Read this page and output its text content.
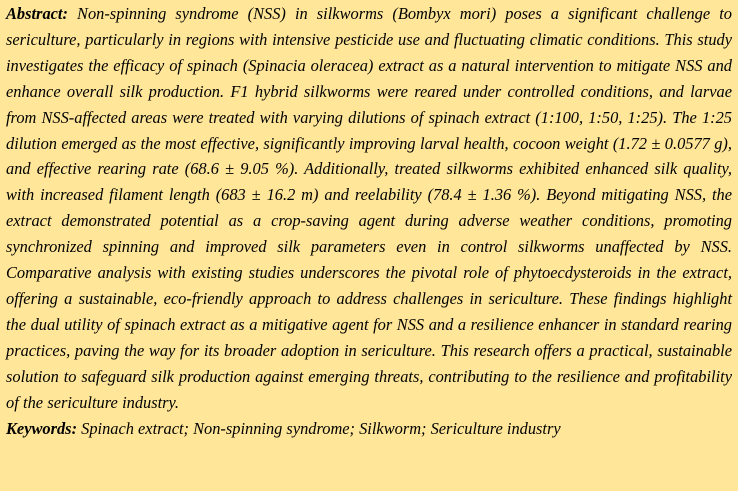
Abstract: Non-spinning syndrome (NSS) in silkworms (Bombyx mori) poses a significant challenge to sericulture, particularly in regions with intensive pesticide use and fluctuating climatic conditions. This study investigates the efficacy of spinach (Spinacia oleracea) extract as a natural intervention to mitigate NSS and enhance overall silk production. F1 hybrid silkworms were reared under controlled conditions, and larvae from NSS-affected areas were treated with varying dilutions of spinach extract (1:100, 1:50, 1:25). The 1:25 dilution emerged as the most effective, significantly improving larval health, cocoon weight (1.72 ± 0.0577 g), and effective rearing rate (68.6 ± 9.05 %). Additionally, treated silkworms exhibited enhanced silk quality, with increased filament length (683 ± 16.2 m) and reelability (78.4 ± 1.36 %). Beyond mitigating NSS, the extract demonstrated potential as a crop-saving agent during adverse weather conditions, promoting synchronized spinning and improved silk parameters even in control silkworms unaffected by NSS. Comparative analysis with existing studies underscores the pivotal role of phytoecdysteroids in the extract, offering a sustainable, eco-friendly approach to address challenges in sericulture. These findings highlight the dual utility of spinach extract as a mitigative agent for NSS and a resilience enhancer in standard rearing practices, paving the way for its broader adoption in sericulture. This research offers a practical, sustainable solution to safeguard silk production against emerging threats, contributing to the resilience and profitability of the sericulture industry.

Keywords: Spinach extract; Non-spinning syndrome; Silkworm; Sericulture industry
